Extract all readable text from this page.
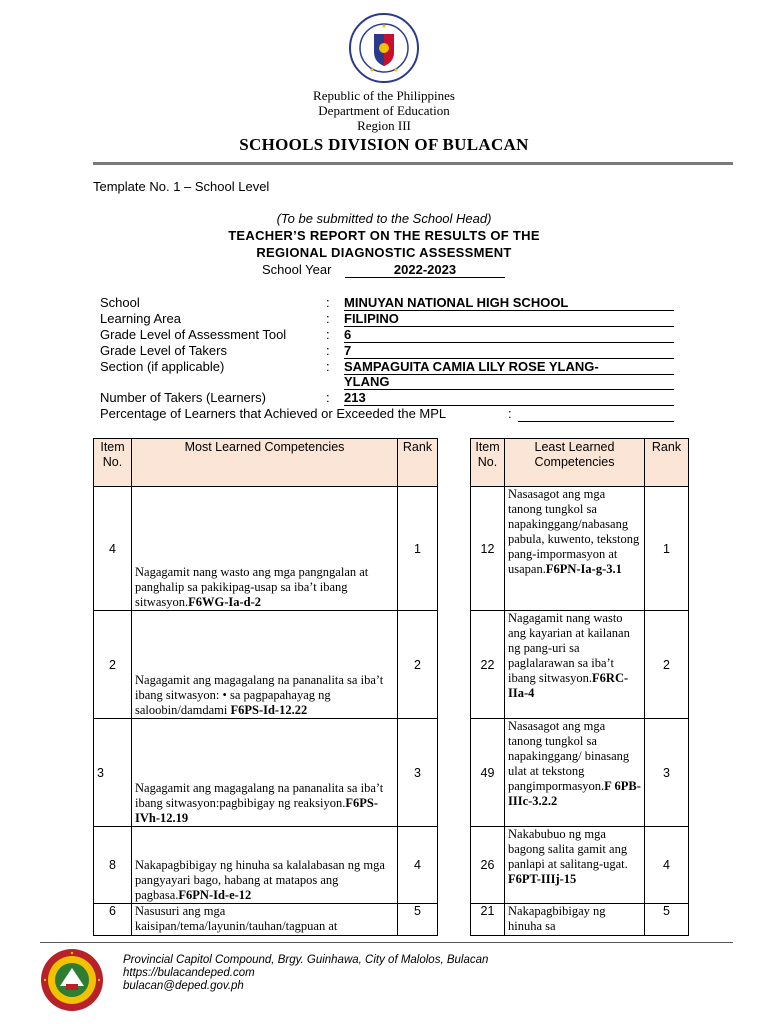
Republic of the Philippines
Department of Education
Region III
SCHOOLS DIVISION OF BULACAN
Template No. 1 – School Level
(To be submitted to the School Head)
TEACHER’S REPORT ON THE RESULTS OF THE
REGIONAL DIAGNOSTIC ASSESSMENT
School Year	2022-2023
School	: MINUYAN NATIONAL HIGH SCHOOL
Learning Area	: FILIPINO
Grade Level of Assessment Tool	: 6
Grade Level of Takers	: 7
Section (if applicable)	: SAMPAGUITA CAMIA LILY ROSE YLANG-
YLANG
Number of Takers (Learners)	: 213
Percentage of Learners that Achieved or Exceeded the MPL	:
Item No.	Most Learned Competencies	Rank
4	Nagagamit nang wasto ang mga pangngalan at panghalip sa pakikipag-usap sa iba’t ibang sitwasyon.F6WG-Ia-d-2	1
2	Nagagamit ang magagalang na pananalita sa iba’t ibang sitwasyon: • sa pagpapahayag ng saloobin/damdami F6PS-Id-12.22	2
3	Nagagamit ang magagalang na pananalita sa iba’t ibang sitwasyon:pagbibigay ng reaksiyon.F6PS-IVh-12.19	3
8	Nakapagbibigay ng hinuha sa kalalabasan ng mga pangyayari bago, habang at matapos ang pagbasa.F6PN-Id-e-12	4
6	Nasusuri ang mga kaisipan/tema/layunin/tauhan/tagpuan at	5
Item No.	Least Learned Competencies	Rank
12	Nasasagot ang mga tanong tungkol sa napakinggang/nabasang pabula, kuwento, tekstong pang-impormasyon at usapan.F6PN-Ia-g-3.1	1
22	Nagagamit nang wasto ang kayarian at kailanan ng pang-uri sa paglalarawan sa iba’t ibang sitwasyon.F6RC-IIa-4	2
49	Nasasagot ang mga tanong tungkol sa napakinggang/ binasang ulat at tekstong pangimpormasyon.F 6PB-IIIc-3.2.2	3
26	Nakabubuo ng mga bagong salita gamit ang panlapi at salitang-ugat. F6PT-IIIj-15	4
21	Nakapagbibigay ng hinuha sa	5
Provincial Capitol Compound, Brgy. Guinhawa, City of Malolos, Bulacan
https://bulacandeped.com
bulacan@deped.gov.ph
